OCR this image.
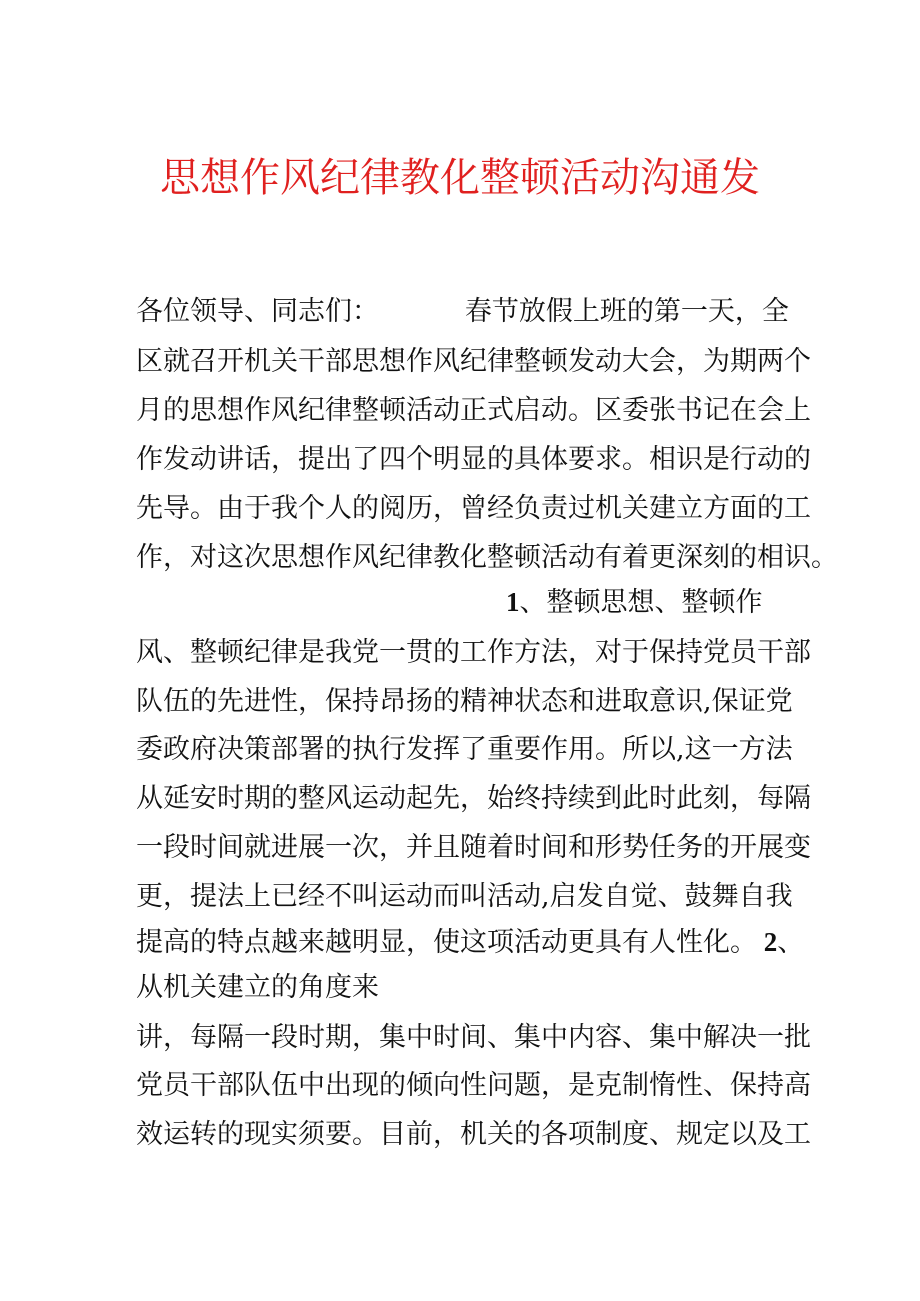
思想作风纪律教化整顿活动沟通发
各位领导、同志们：          春节放假上班的第一天，全
区就召开机关干部思想作风纪律整顿发动大会，为期两个
月的思想作风纪律整顿活动正式启动。区委张书记在会上
作发动讲话，提出了四个明显的具体要求。相识是行动的
先导。由于我个人的阅历，曾经负责过机关建立方面的工
作，对这次思想作风纪律教化整顿活动有着更深刻的相识。
1、整顿思想、整顿作
风、整顿纪律是我党一贯的工作方法，对于保持党员干部
队伍的先进性，保持昂扬的精神状态和进取意识,保证党
委政府决策部署的执行发挥了重要作用。所以,这一方法
从延安时期的整风运动起先，始终持续到此时此刻，每隔
一段时间就进展一次，并且随着时间和形势任务的开展变
更，提法上已经不叫运动而叫活动,启发自觉、鼓舞自我
提高的特点越来越明显，使这项活动更具有人性化。 2、
从机关建立的角度来
讲，每隔一段时期，集中时间、集中内容、集中解决一批
党员干部队伍中出现的倾向性问题，是克制惰性、保持高
效运转的现实须要。目前，机关的各项制度、规定以及工
